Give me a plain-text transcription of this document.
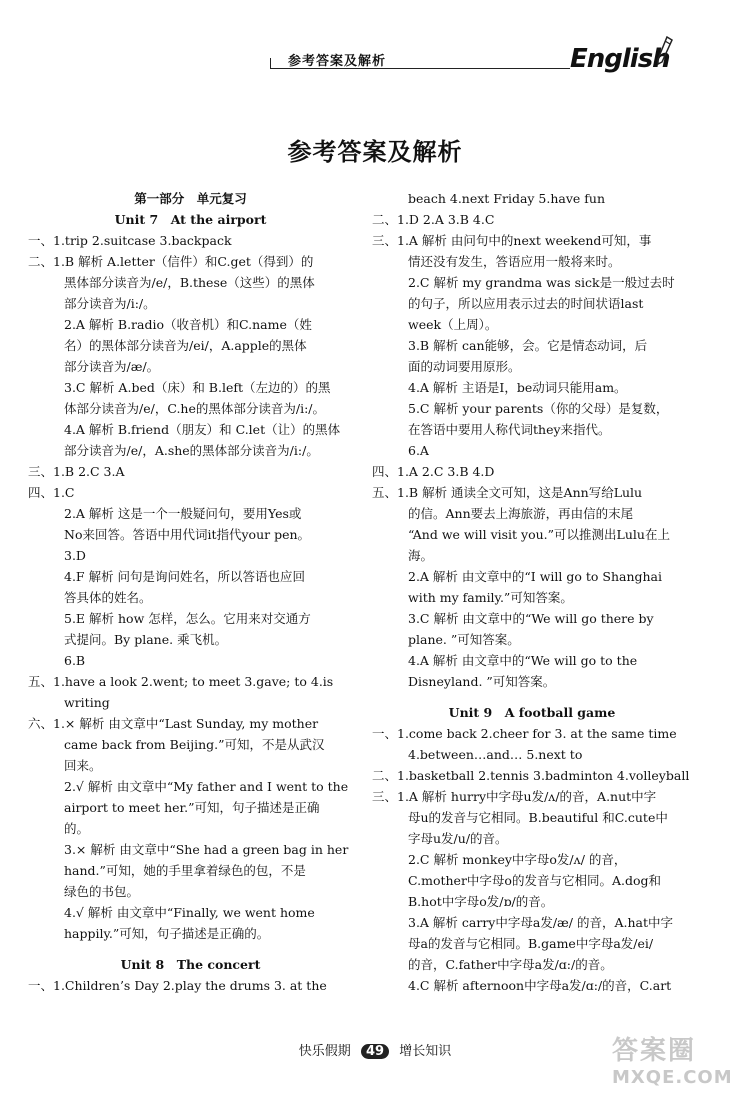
参考答案及解析	English
参考答案及解析
第一部分　单元复习
Unit 7　At the airport
一、1.trip 2.suitcase 3.backpack
二、1.B 解析 A.letter（信件）和C.get（得到）的
黑体部分读音为/e/，B.these（这些）的黑体
部分读音为/i:/。
2.A 解析 B.radio（收音机）和C.name（姓
名）的黑体部分读音为/ei/，A.apple的黑体
部分读音为/æ/。
3.C 解析 A.bed（床）和 B.left（左边的）的黑
体部分读音为/e/，C.he的黑体部分读音为/i:/。
4.A 解析 B.friend（朋友）和 C.let（让）的黑体
部分读音为/e/，A.she的黑体部分读音为/i:/。
三、1.B 2.C 3.A
四、1.C
2.A 解析 这是一个一般疑问句，要用Yes或
No来回答。答语中用代词it指代your pen。
3.D
4.F 解析 问句是询问姓名，所以答语也应回
答具体的姓名。
5.E 解析 how 怎样，怎么。它用来对交通方
式提问。By plane. 乘飞机。
6.B
五、1.have a look 2.went; to meet 3.gave; to 4.is
writing
六、1.× 解析 由文章中“Last Sunday, my mother
came back from Beijing.”可知，不是从武汉
回来。
2.√ 解析 由文章中“My father and I went to the
airport to meet her.”可知，句子描述是正确
的。
3.× 解析 由文章中“She had a green bag in her
hand.”可知，她的手里拿着绿色的包，不是
绿色的书包。
4.√ 解析 由文章中“Finally, we went home
happily.”可知，句子描述是正确的。
Unit 8　The concert
一、1.Children’s Day 2.play the drums 3. at the
beach 4.next Friday 5.have fun
二、1.D 2.A 3.B 4.C
三、1.A 解析 由问句中的next weekend可知，事
情还没有发生，答语应用一般将来时。
2.C 解析 my grandma was sick是一般过去时
的句子，所以应用表示过去的时间状语last
week（上周）。
3.B 解析 can能够，会。它是情态动词，后
面的动词要用原形。
4.A 解析 主语是I，be动词只能用am。
5.C 解析 your parents（你的父母）是复数，
在答语中要用人称代词they来指代。
6.A
四、1.A 2.C 3.B 4.D
五、1.B 解析 通读全文可知，这是Ann写给Lulu
的信。Ann要去上海旅游，再由信的末尾
“And we will visit you.”可以推测出Lulu在上
海。
2.A 解析 由文章中的“I will go to Shanghai
with my family.”可知答案。
3.C 解析 由文章中的“We will go there by
plane. ”可知答案。
4.A 解析 由文章中的“We will go to the
Disneyland. ”可知答案。
Unit 9　A football game
一、1.come back 2.cheer for 3. at the same time
4.between…and… 5.next to
二、1.basketball 2.tennis 3.badminton 4.volleyball
三、1.A 解析 hurry中字母u发/ʌ/的音，A.nut中字
母u的发音与它相同。B.beautiful 和C.cute中
字母u发/u/的音。
2.C 解析 monkey中字母o发/ʌ/ 的音，
C.mother中字母o的发音与它相同。A.dog和
B.hot中字母o发/ɒ/的音。
3.A 解析 carry中字母a发/æ/ 的音，A.hat中字
母a的发音与它相同。B.game中字母a发/ei/
的音，C.father中字母a发/ɑ:/的音。
4.C 解析 afternoon中字母a发/ɑ:/的音，C.art
快乐假期 49 增长知识	答案圈
MXQE.COM
